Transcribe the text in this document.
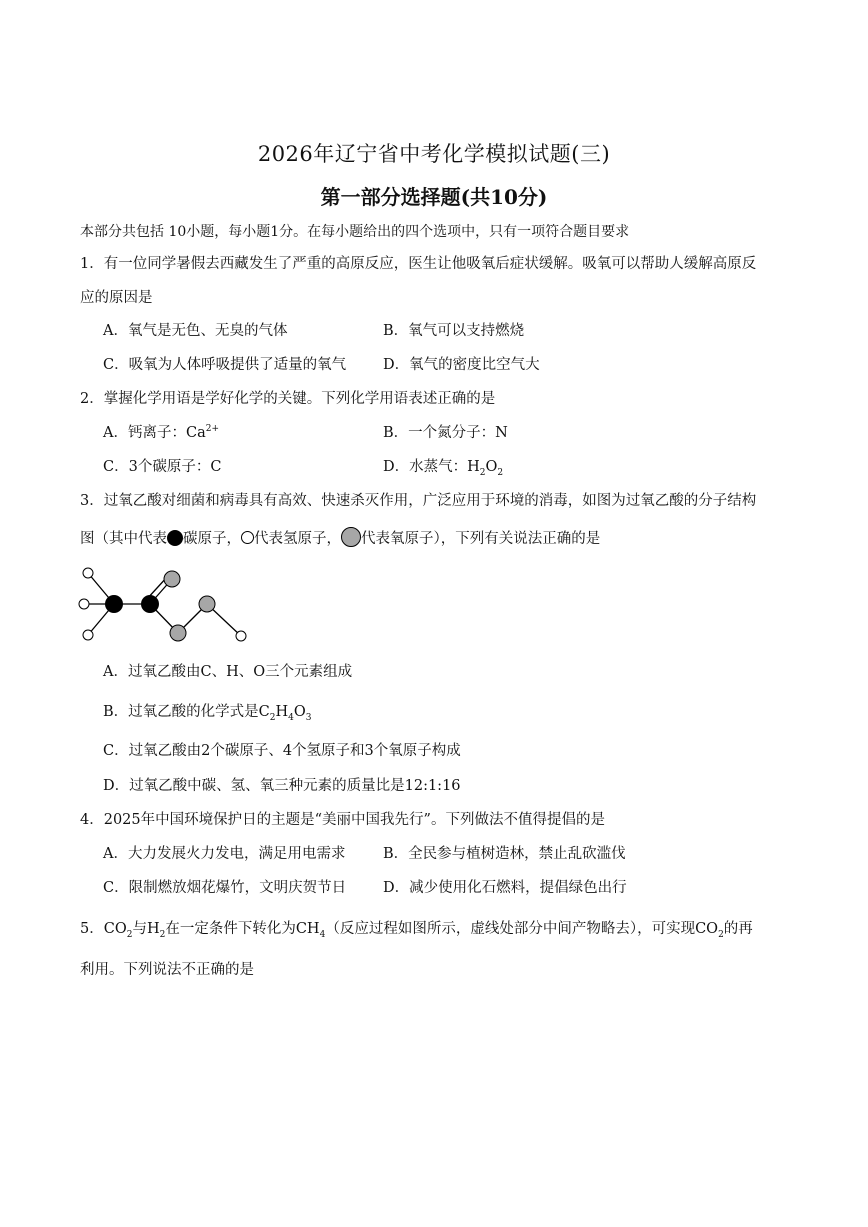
2026年辽宁省中考化学模拟试题(三)
第一部分选择题(共10分)
本部分共包括 10小题，每小题1分。在每小题给出的四个选项中，只有一项符合题目要求
1．有一位同学暑假去西藏发生了严重的高原反应，医生让他吸氧后症状缓解。吸氧可以帮助人缓解高原反
应的原因是
A．氧气是无色、无臭的气体	B．氧气可以支持燃烧
C．吸氧为人体呼吸提供了适量的氧气	D．氧气的密度比空气大
2．掌握化学用语是学好化学的关键。下列化学用语表述正确的是
A．钙离子：$Ca^{2+}$	B．一个氮分子：N
C．3个碳原子：C	D．水蒸气：$H_2O_2$
3．过氧乙酸对细菌和病毒具有高效、快速杀灭作用，广泛应用于环境的消毒，如图为过氧乙酸的分子结构
图（其中代表 碳原子， 代表氢原子， 代表氧原子），下列有关说法正确的是
A．过氧乙酸由C、H、O三个元素组成
B．过氧乙酸的化学式是$C_2H_4O_3$
C．过氧乙酸由2个碳原子、4个氢原子和3个氧原子构成
D．过氧乙酸中碳、氢、氧三种元素的质量比是12:1:16
4．2025年中国环境保护日的主题是“美丽中国我先行”。下列做法不值得提倡的是
A．大力发展火力发电，满足用电需求	B．全民参与植树造林，禁止乱砍滥伐
C．限制燃放烟花爆竹，文明庆贺节日	D．减少使用化石燃料，提倡绿色出行
5．$CO_2$与$H_2$在一定条件下转化为$CH_4$（反应过程如图所示，虚线处部分中间产物略去），可实现$CO_2$的再
利用。下列说法不正确的是
